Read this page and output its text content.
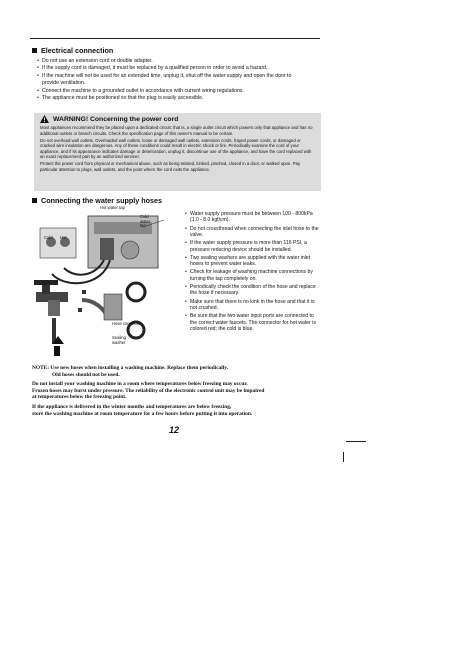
Electrical connection
• Do not use an extension cord or double adapter.
• If the supply cord is damaged, it must be replaced by a qualified person in order to avoid a hazard.
• If the machine will not be used for an extended time, unplug it, shut off the water supply and open the door to
provide ventilation.
• Connect the machine to a grounded outlet in accordance with current wiring regulations.
• The appliance must be positioned so that the plug is easily accessible.
WARNING! Concerning the power cord

Most appliances recommend they be placed upon a dedicated circuit; that is, a single outlet circuit which powers only that appliance and has no additional outlets or branch circuits. Check the specification page of this owner's manual to be certain.

Do not overload wall outlets. Overloaded wall outlets, loose or damaged wall outlets, extension cords, frayed power cords, or damaged or cracked wire insulation are dangerous. Any of these conditions could result in electric shock or fire. Periodically examine the cord of your appliance, and if its appearance indicates damage or deterioration, unplug it, discontinue use of the appliance, and have the cord replaced with an exact replacement part by an authorized servicer.

Protect the power cord from physical or mechanical abuse, such as being twisted, kinked, pinched, closed in a door, or walked upon. Pay particular attention to plugs, wall outlets, and the point where the cord exits the appliance.

Connecting the water supply hoses
Hot water tap
Cold water tap
Cold Hot
Hose connector
Sealing washer
• Water supply pressure must be between 100 - 800kPa (1.0 - 8.0 kgf/cm).
• Do not crossthread when connecting the inlet hose to the valve.
• If the water supply pressure is more than 116 PSI, a pressure reducing device should be installed.
• Two sealing washers are supplied with the water inlet hoses to prevent water leaks.
• Check for leakage of washing machine connections by turning the tap completely on.
• Periodically check the condition of the hose and replace the hose if necessary.
• Make sure that there is no kink in the hose and that it is not crushed.
• Be sure that the two water input ports are connected to the correct water faucets. The connector for hot water is colored red; the cold is blue.
NOTE: Use new hoses when installing a washing machine. Replace them periodically.
Old hoses should not be used.
Do not install your washing machine in a room where temperatures below freezing may occur.
Frozen hoses may burst under pressure. The reliability of the electronic control unit may be impaired
at temperatures below the freezing point.
If the appliance is delivered in the winter months and temperatures are below freezing,
store the washing machine at room temperature for a few hours before putting it into operation.
12
